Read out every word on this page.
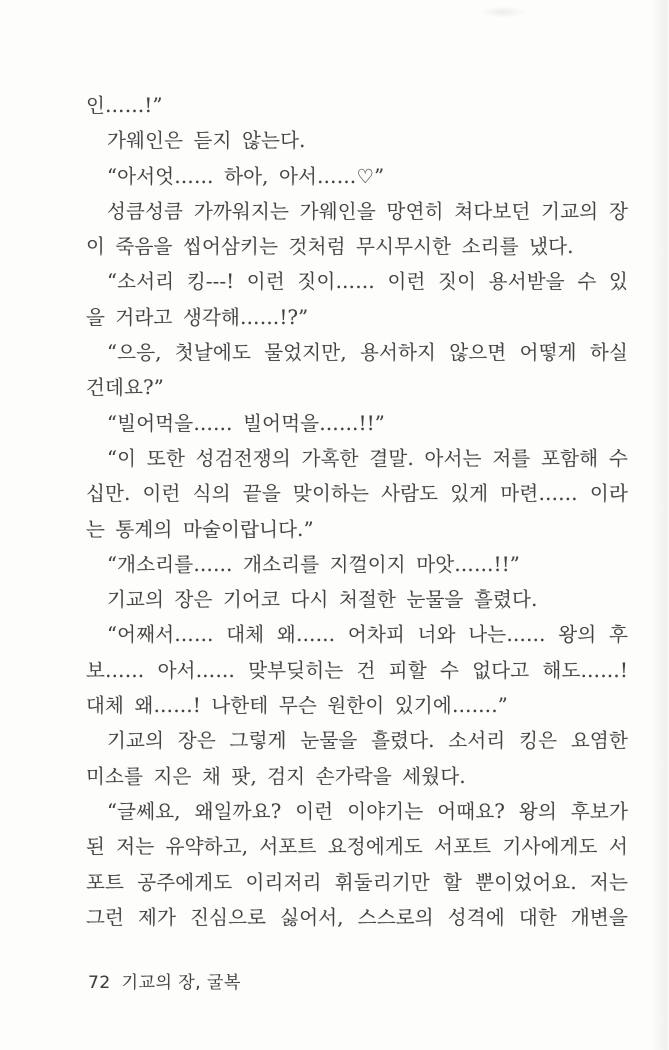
인……!”
가웨인은 듣지 않는다.
“아서엇…… 하아, 아서……♡”
성큼성큼 가까워지는 가웨인을 망연히 쳐다보던 기교의 장
이 죽음을 씹어삼키는 것처럼 무시무시한 소리를 냈다.
“소서리 킹---! 이런 짓이…… 이런 짓이 용서받을 수 있
을 거라고 생각해……!?”
“으응, 첫날에도 물었지만, 용서하지 않으면 어떻게 하실
건데요?”
“빌어먹을…… 빌어먹을……!!”
“이 또한 성검전쟁의 가혹한 결말. 아서는 저를 포함해 수
십만. 이런 식의 끝을 맞이하는 사람도 있게 마련…… 이라
는 통계의 마술이랍니다.”
“개소리를…… 개소리를 지껄이지 마앗……!!”
기교의 장은 기어코 다시 처절한 눈물을 흘렸다.
“어째서…… 대체 왜…… 어차피 너와 나는…… 왕의 후
보…… 아서…… 맞부딪히는 건 피할 수 없다고 해도……!
대체 왜……! 나한테 무슨 원한이 있기에…….”
기교의 장은 그렇게 눈물을 흘렸다. 소서리 킹은 요염한
미소를 지은 채 팟, 검지 손가락을 세웠다.
“글쎄요, 왜일까요? 이런 이야기는 어때요? 왕의 후보가
된 저는 유약하고, 서포트 요정에게도 서포트 기사에게도 서
포트 공주에게도 이리저리 휘둘리기만 할 뿐이었어요. 저는
그런 제가 진심으로 싫어서, 스스로의 성격에 대한 개변을
72 기교의 장, 굴복
